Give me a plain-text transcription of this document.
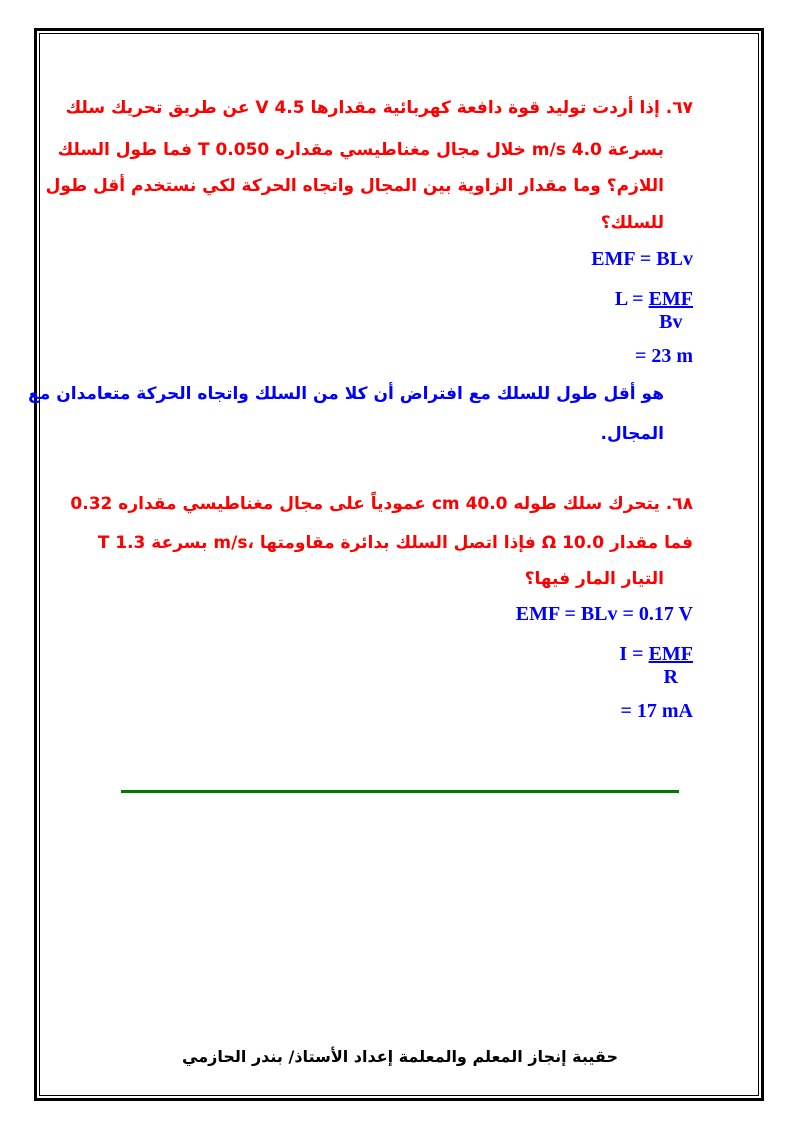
٦٧. إذا أردت توليد قوة دافعة كهربائية مقدارها 4.5 V عن طريق تحريك سلك
بسرعة 4.0 m/s خلال مجال مغناطيسي مقداره 0.050 T فما طول السلك
اللازم؟ وما مقدار الزاوية بين المجال واتجاه الحركة لكي نستخدم أقل طول
للسلك؟
EMF = BLv
$L = \frac{\text{EMF}}{Bv}$
= 23 m
هو أقل طول للسلك مع افتراض أن كلا من السلك واتجاه الحركة متعامدان مع
المجال.
٦٨. يتحرك سلك طوله 40.0 cm عمودياً على مجال مغناطيسي مقداره 0.32
T بسرعة 1.3 m/s، فإذا اتصل السلك بدائرة مقاومتها Ω 10.0 فما مقدار
التيار المار فيها؟
EMF = BLv = 0.17 V
$I = \frac{\text{EMF}}{R}$
= 17 mA
حقيبة إنجاز المعلم والمعلمة إعداد الأستاذ/ بندر الحازمي
